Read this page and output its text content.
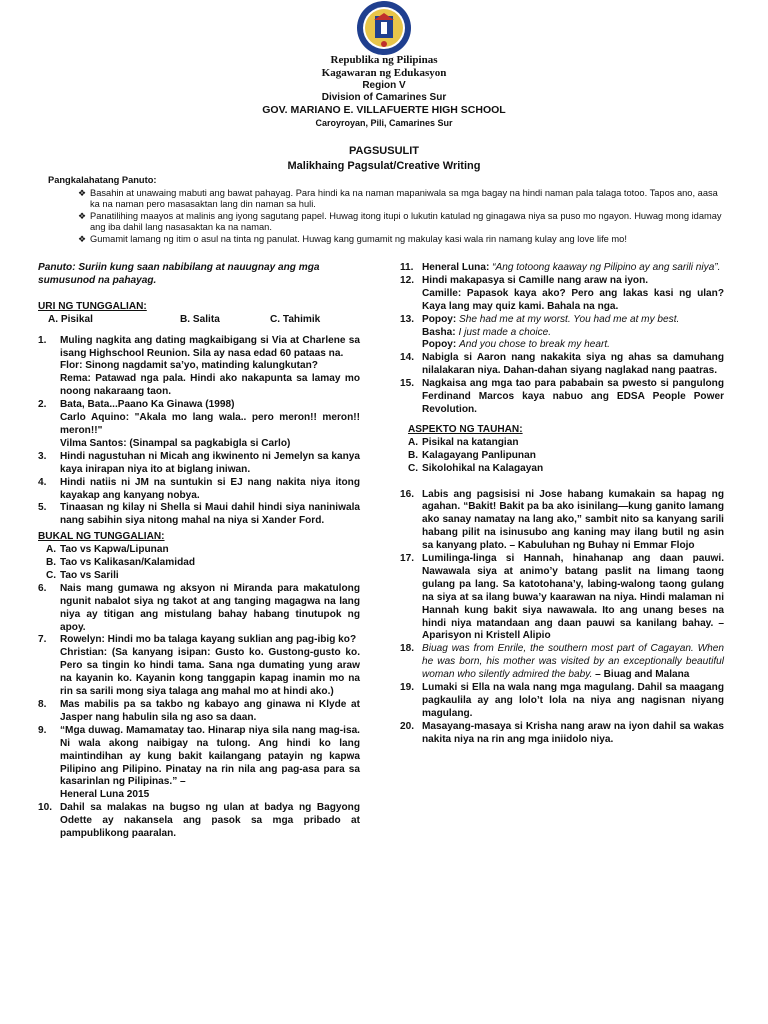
Republika ng Pilipinas
Kagawaran ng Edukasyon
Region V
Division of Camarines Sur
GOV. MARIANO E. VILLAFUERTE HIGH SCHOOL
Caroyroyan, Pili, Camarines Sur
PAGSUSULIT
Malikhaing Pagsulat/Creative Writing
Pangkalahatang Panuto:
❖ Basahin at unawaing mabuti ang bawat pahayag. Para hindi ka na naman mapaniwala sa mga bagay na hindi naman pala talaga totoo. Tapos ano, aasa ka na naman pero masasaktan lang din naman sa huli.
❖ Panatilihing maayos at malinis ang iyong sagutang papel. Huwag itong itupi o lukutin katulad ng ginagawa niya sa puso mo ngayon. Huwag mong idamay ang iba dahil lang nasasaktan ka na naman.
❖ Gumamit lamang ng itim o asul na tinta ng panulat. Huwag kang gumamit ng makulay kasi wala rin namang kulay ang love life mo!
Panuto: Suriin kung saan nabibilang at nauugnay ang mga sumusunod na pahayag.
URI NG TUNGGALIAN:
A. Pisikal	B. Salita	C. Tahimik
1. Muling nagkita ang dating magkaibigang si Via at Charlene sa isang Highschool Reunion. Sila ay nasa edad 60 pataas na.
Flor: Sinong nagdamit sa’yo, matinding kalungkutan?
Rema: Patawad nga pala. Hindi ako nakapunta sa lamay mo noong nakaraang taon.
2. Bata, Bata...Paano Ka Ginawa (1998)
Carlo Aquino: "Akala mo lang wala.. pero meron!! meron!! meron!!"
Vilma Santos: (Sinampal sa pagkabigla si Carlo)
3. Hindi nagustuhan ni Micah ang ikwinento ni Jemelyn sa kanya kaya inirapan niya ito at biglang iniwan.
4. Hindi natiis ni JM na suntukin si EJ nang nakita niya itong kayakap ang kanyang nobya.
5. Tinaasan ng kilay ni Shella si Maui dahil hindi siya naniniwala nang sabihin siya nitong mahal na niya si Xander Ford.
BUKAL NG TUNGGALIAN:
A. Tao vs Kapwa/Lipunan
B. Tao vs Kalikasan/Kalamidad
C. Tao vs Sarili
6. Nais mang gumawa ng aksyon ni Miranda para makatulong ngunit nabalot siya ng takot at ang tanging magagwa na lang niya ay titigan ang mistulang bahay habang tinutupok ng apoy.
7. Rowelyn: Hindi mo ba talaga kayang suklian ang pag-ibig ko?
Christian: (Sa kanyang isipan: Gusto ko. Gustong-gusto ko. Pero sa tingin ko hindi tama. Sana nga dumating yung araw na kayanin ko. Kayanin kong tanggapin kapag inamin mo na rin sa sarili mong siya talaga ang mahal mo at hindi ako.)
8. Mas mabilis pa sa takbo ng kabayo ang ginawa ni Klyde at Jasper nang habulin sila ng aso sa daan.
9. “Mga duwag. Mamamatay tao. Hinarap niya sila nang mag-isa. Ni wala akong naibigay na tulong. Ang hindi ko lang maintindihan ay kung bakit kailangang patayin ng kapwa Pilipino ang Pilipino. Pinatay na rin nila ang pag-asa para sa kasarinlan ng Pilipinas.” –
Heneral Luna 2015
10. Dahil sa malakas na bugso ng ulan at badya ng Bagyong Odette ay nakansela ang pasok sa mga pribado at pampublikong paaralan.
11. Heneral Luna: “Ang totoong kaaway ng Pilipino ay ang sarili niya”.
12. Hindi makapasya si Camille nang araw na iyon.
Camille: Papasok kaya ako? Pero ang lakas kasi ng ulan? Kaya lang may quiz kami. Bahala na nga.
13. Popoy: She had me at my worst. You had me at my best.
Basha: I just made a choice.
Popoy: And you chose to break my heart.
14. Nabigla si Aaron nang nakakita siya ng ahas sa damuhang nilalakaran niya. Dahan-dahan siyang naglakad nang paatras.
15. Nagkaisa ang mga tao para pababain sa pwesto si pangulong Ferdinand Marcos kaya nabuo ang EDSA People Power Revolution.
ASPEKTO NG TAUHAN:
A. Pisikal na katangian
B. Kalagayang Panlipunan
C. Sikolohikal na Kalagayan
16. Labis ang pagsisisi ni Jose habang kumakain sa hapag ng agahan. “Bakit! Bakit pa ba ako isinilang—kung ganito lamang ako sanay namatay na lang ako,” sambit nito sa kanyang sarili habang pilit na isinusubo ang kaning may ilang butil ng asin sa kanyang plato. – Kabuluhan ng Buhay ni Emmar Flojo
17. Lumilinga-linga si Hannah, hinahanap ang daan pauwi. Nawawala siya at animo’y batang paslit na limang taong gulang pa lang. Sa katotohana’y, labing-walong taong gulang na siya at sa ilang buwa’y kaarawan na niya. Hindi malaman ni Hannah kung bakit siya nawawala. Ito ang unang beses na hindi niya matandaan ang daan pauwi sa kanilang bahay. – Aparisyon ni Kristell Alipio
18. Biuag was from Enrile, the southern most part of Cagayan. When he was born, his mother was visited by an exceptionally beautiful woman who silently admired the baby. – Biuag and Malana
19. Lumaki si Ella na wala nang mga magulang. Dahil sa maagang pagkaulila ay ang lolo’t lola na niya ang nagisnan niyang magulang.
20. Masayang-masaya si Krisha nang araw na iyon dahil sa wakas nakita niya na rin ang mga iniidolo niya.
